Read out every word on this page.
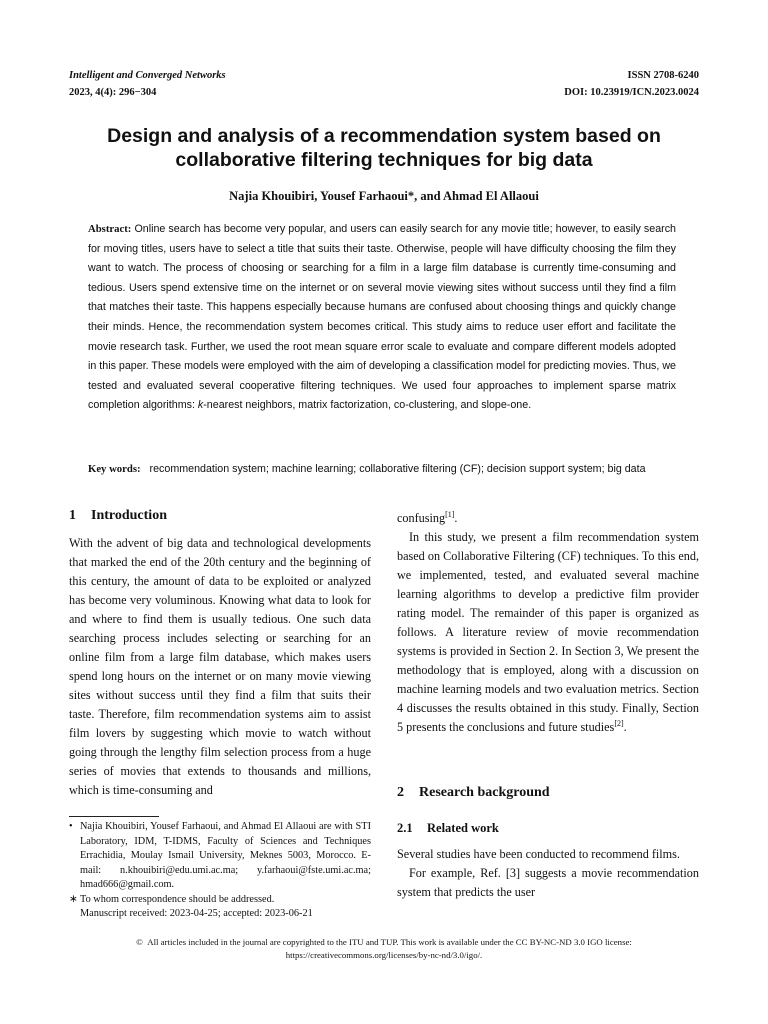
Intelligent and Converged Networks
2023, 4(4): 296−304
ISSN 2708-6240
DOI: 10.23919/ICN.2023.0024
Design and analysis of a recommendation system based on
collaborative filtering techniques for big data
Najia Khouibiri, Yousef Farhaoui*, and Ahmad El Allaoui
Abstract: Online search has become very popular, and users can easily search for any movie title; however, to easily search for moving titles, users have to select a title that suits their taste. Otherwise, people will have difficulty choosing the film they want to watch. The process of choosing or searching for a film in a large film database is currently time-consuming and tedious. Users spend extensive time on the internet or on several movie viewing sites without success until they find a film that matches their taste. This happens especially because humans are confused about choosing things and quickly change their minds. Hence, the recommendation system becomes critical. This study aims to reduce user effort and facilitate the movie research task. Further, we used the root mean square error scale to evaluate and compare different models adopted in this paper. These models were employed with the aim of developing a classification model for predicting movies. Thus, we tested and evaluated several cooperative filtering techniques. We used four approaches to implement sparse matrix completion algorithms: k-nearest neighbors, matrix factorization, co-clustering, and slope-one.
Key words: recommendation system; machine learning; collaborative filtering (CF); decision support system; big data
1 Introduction

With the advent of big data and technological developments that marked the end of the 20th century and the beginning of this century, the amount of data to be exploited or analyzed has become very voluminous. Knowing what data to look for and where to find them is usually tedious. One such data searching process includes selecting or searching for an online film from a large film database, which makes users spend long hours on the internet or on many movie viewing sites without success until they find a film that suits their taste. Therefore, film recommendation systems aim to assist film lovers by suggesting which movie to watch without going through the lengthy film selection process from a huge series of movies that extends to thousands and millions, which is time-consuming and

• Najia Khouibiri, Yousef Farhaoui, and Ahmad El Allaoui are with STI Laboratory, IDM, T-IDMS, Faculty of Sciences and Techniques Errachidia, Moulay Ismail University, Meknes 5003, Morocco. E-mail: n.khouibiri@edu.umi.ac.ma; y.farhaoui@fste.umi.ac.ma; hmad666@gmail.com.
∗ To whom correspondence should be addressed.
Manuscript received: 2023-04-25; accepted: 2023-06-21

confusing[1].

In this study, we present a film recommendation system based on Collaborative Filtering (CF) techniques. To this end, we implemented, tested, and evaluated several machine learning algorithms to develop a predictive film provider rating model. The remainder of this paper is organized as follows. A literature review of movie recommendation systems is provided in Section 2. In Section 3, We present the methodology that is employed, along with a discussion on machine learning models and two evaluation metrics. Section 4 discusses the results obtained in this study. Finally, Section 5 presents the conclusions and future studies[2].

2 Research background
2.1 Related work

Several studies have been conducted to recommend films.

For example, Ref. [3] suggests a movie recommendation system that predicts the user

© All articles included in the journal are copyrighted to the ITU and TUP. This work is available under the CC BY-NC-ND 3.0 IGO license:
https://creativecommons.org/licenses/by-nc-nd/3.0/igo/.
